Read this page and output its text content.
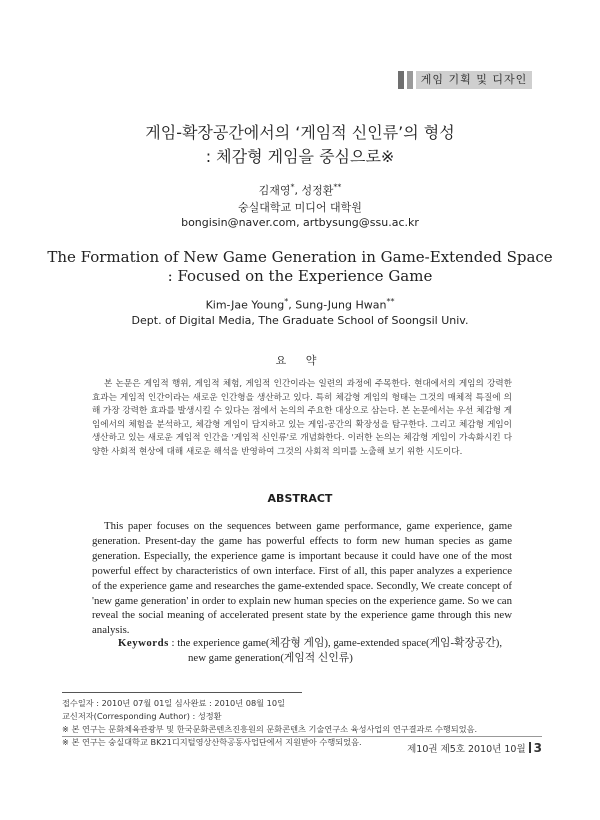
게임 기획 및 디자인
게임-확장공간에서의 ‘게임적 신인류’의 형성
: 체감형 게임을 중심으로※
김재영*, 성정환**
숭실대학교 미디어 대학원
bongisin@naver.com, artbysung@ssu.ac.kr
The Formation of New Game Generation in Game-Extended Space
: Focused on the Experience Game
Kim-Jae Young*, Sung-Jung Hwan**
Dept. of Digital Media, The Graduate School of Soongsil Univ.
요 약

본 논문은 게임적 행위, 게임적 체험, 게임적 인간이라는 일련의 과정에 주목한다. 현대에서의 게임의 강력한 효과는 게임적 인간이라는 새로운 인간형을 생산하고 있다. 특히 체감형 게임의 형태는 그것의 매체적 특질에 의해 가장 강력한 효과를 발생시킬 수 있다는 점에서 논의의 주요한 대상으로 삼는다. 본 논문에서는 우선 체감형 게임에서의 체험을 분석하고, 체감형 게임이 담지하고 있는 게임-공간의 확장성을 탐구한다. 그리고 체감형 게임이 생산하고 있는 새로운 게임적 인간을 '게임적 신인류'로 개념화한다. 이러한 논의는 체감형 게임이 가속화시킨 다양한 사회적 현상에 대해 새로운 해석을 반영하여 그것의 사회적 의미를 노출해 보기 위한 시도이다.

ABSTRACT

This paper focuses on the sequences between game performance, game experience, game generation. Present-day the game has powerful effects to form new human species as game generation. Especially, the experience game is important because it could have one of the most powerful effect by characteristics of own interface. First of all, this paper analyzes a experience of the experience game and researches the game-extended space. Secondly, We create concept of 'new game generation' in order to explain new human species on the experience game. So we can reveal the social meaning of accelerated present state by the experience game through this new analysis.

Keywords : the experience game(체감형 게임), game-extended space(게임-확장공간),
new game generation(게임적 신인류)
접수일자 : 2010년 07월 01일 심사완료 : 2010년 08월 10일
교신저자(Corresponding Author) : 성정환
※ 본 연구는 문화체육관광부 및 한국문화콘텐츠진흥원의 문화콘텐츠 기술연구소 육성사업의 연구결과로 수행되었음.
※ 본 연구는 숭실대학교 BK21디지털영상산학공동사업단에서 지원받아 수행되었음.
제10권 제5호 2010년 10월 3
